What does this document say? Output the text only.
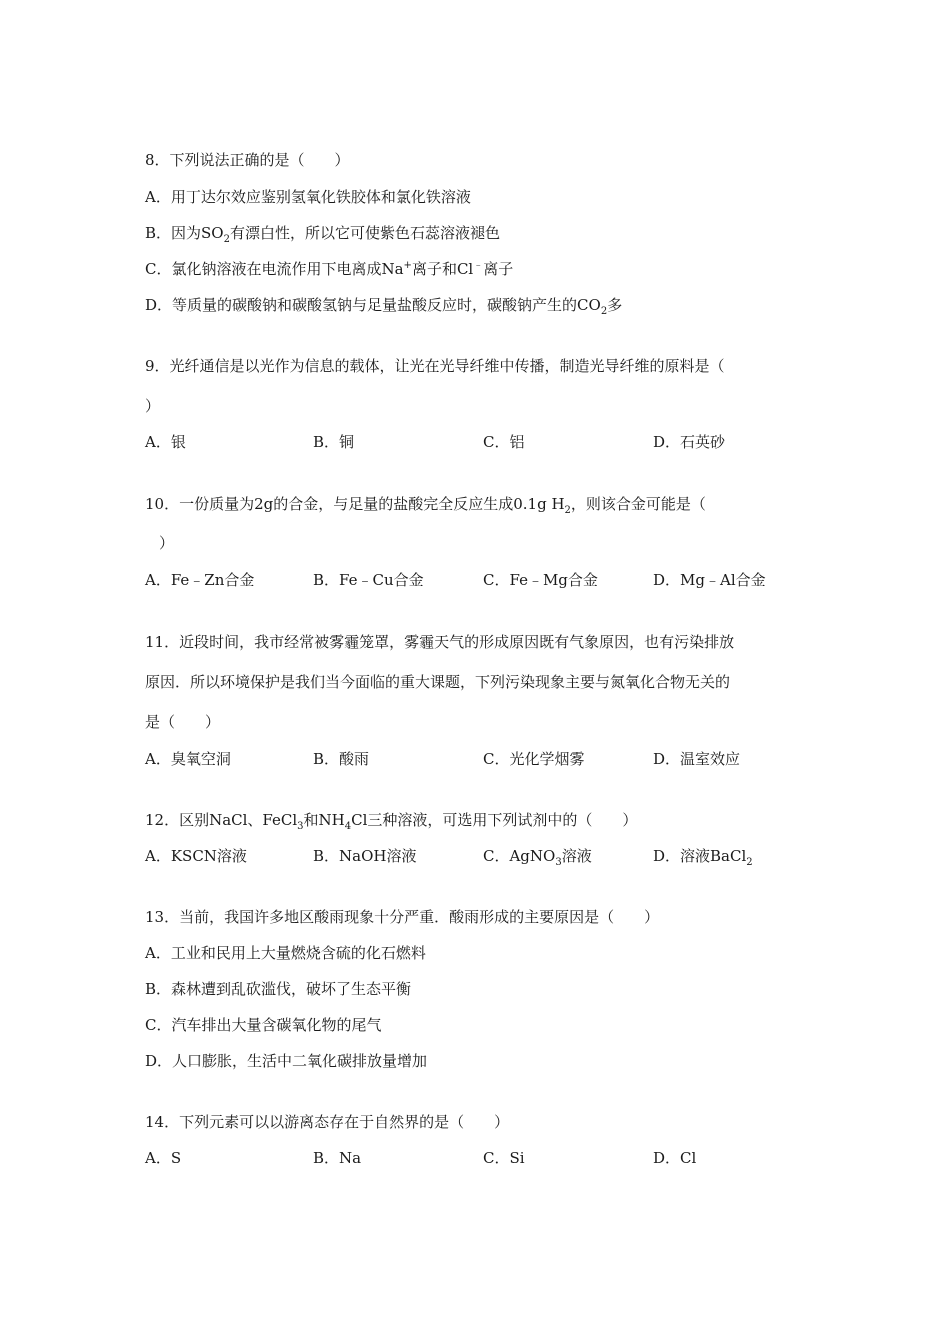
8．下列说法正确的是（　　）
A．用丁达尔效应鉴别氢氧化铁胶体和氯化铁溶液
B．因为$SO_2$有漂白性，所以它可使紫色石蕊溶液褪色
C．氯化钠溶液在电流作用下电离成Na+离子和Cl﹣离子
D．等质量的碳酸钠和碳酸氢钠与足量盐酸反应时，碳酸钠产生的$CO_2$多
9．光纤通信是以光作为信息的载体，让光在光导纤维中传播，制造光导纤维的原料是（
）
A．银	B．铜	C．铝	D．石英砂
10．一份质量为2g的合金，与足量的盐酸完全反应生成0.1g $H_2$，则该合金可能是（
）
A．Fe﹣Zn合金	B．Fe﹣Cu合金	C．Fe﹣Mg合金	D．Mg﹣Al合金
11．近段时间，我市经常被雾霾笼罩，雾霾天气的形成原因既有气象原因，也有污染排放
原因．所以环境保护是我们当今面临的重大课题，下列污染现象主要与氮氧化合物无关的
是（　　）
A．臭氧空洞	B．酸雨	C．光化学烟雾	D．温室效应
12．区别NaCl、FeCl$_3$和$NH_4Cl$三种溶液，可选用下列试剂中的（　　）
A．KSCN溶液	B．NaOH溶液	C．AgNO$_3$溶液	D．溶液BaCl$_2$
13．当前，我国许多地区酸雨现象十分严重．酸雨形成的主要原因是（　　）
A．工业和民用上大量燃烧含硫的化石燃料
B．森林遭到乱砍滥伐，破坏了生态平衡
C．汽车排出大量含碳氧化物的尾气
D．人口膨胀，生活中二氧化碳排放量增加
14．下列元素可以以游离态存在于自然界的是（　　）
A．S	B．Na	C．Si	D．Cl
